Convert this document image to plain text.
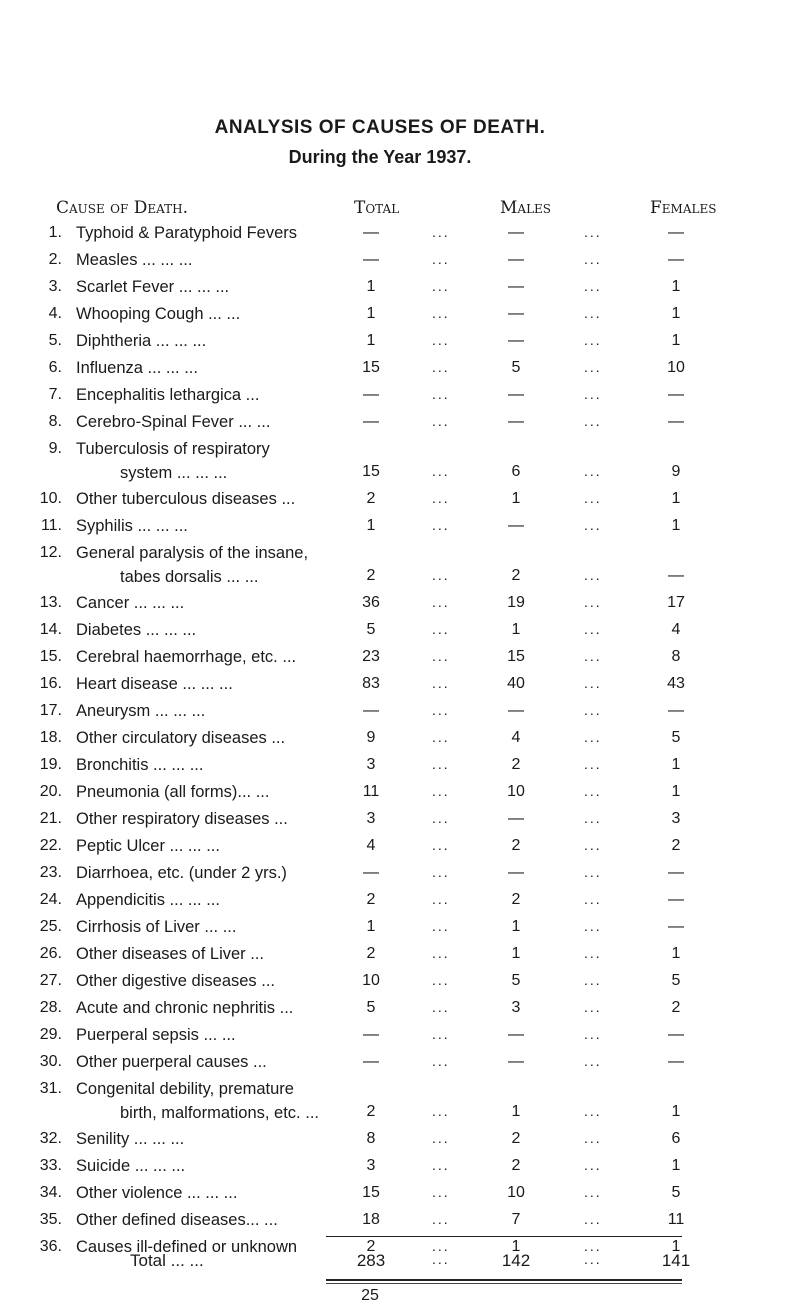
ANALYSIS OF CAUSES OF DEATH.
During the Year 1937.
Cause of Death.	Total	Males	Females
1. Typhoid & Paratyphoid Fevers	—	...	—	...	—
2. Measles ... ... ...	—	...	—	...	—
3. Scarlet Fever ... ... ...	1	...	—	...	1
4. Whooping Cough ... ...	1	...	—	...	1
5. Diphtheria ... ... ...	1	...	—	...	1
6. Influenza ... ... ...	15	...	5	...	10
7. Encephalitis lethargica ...	—	...	—	...	—
8. Cerebro-Spinal Fever ... ...	—	...	—	...	—
9. Tuberculosis of respiratory
system ... ... ...	15	...	6	...	9
10. Other tuberculous diseases ...	2	...	1	...	1
11. Syphilis ... ... ...	1	...	—	...	1
12. General paralysis of the insane,
tabes dorsalis ... ...	2	...	2	...	—
13. Cancer ... ... ...	36	...	19	...	17
14. Diabetes ... ... ...	5	...	1	...	4
15. Cerebral haemorrhage, etc. ...	23	...	15	...	8
16. Heart disease ... ... ...	83	...	40	...	43
17. Aneurysm ... ... ...	—	...	—	...	—
18. Other circulatory diseases ...	9	...	4	...	5
19. Bronchitis ... ... ...	3	...	2	...	1
20. Pneumonia (all forms)... ...	11	...	10	...	1
21. Other respiratory diseases ...	3	...	—	...	3
22. Peptic Ulcer ... ... ...	4	...	2	...	2
23. Diarrhoea, etc. (under 2 yrs.)	—	...	—	...	—
24. Appendicitis ... ... ...	2	...	2	...	—
25. Cirrhosis of Liver ... ...	1	...	1	...	—
26. Other diseases of Liver ...	2	...	1	...	1
27. Other digestive diseases ...	10	...	5	...	5
28. Acute and chronic nephritis ...	5	...	3	...	2
29. Puerperal sepsis ... ...	—	...	—	...	—
30. Other puerperal causes ...	—	...	—	...	—
31. Congenital debility, premature
birth, malformations, etc. ...	2	...	1	...	1
32. Senility ... ... ...	8	...	2	...	6
33. Suicide ... ... ...	3	...	2	...	1
34. Other violence ... ... ...	15	...	10	...	5
35. Other defined diseases... ...	18	...	7	...	11
36. Causes ill-defined or unknown	2	...	1	...	1
Total ... ...	283	...	142	...	141
25
